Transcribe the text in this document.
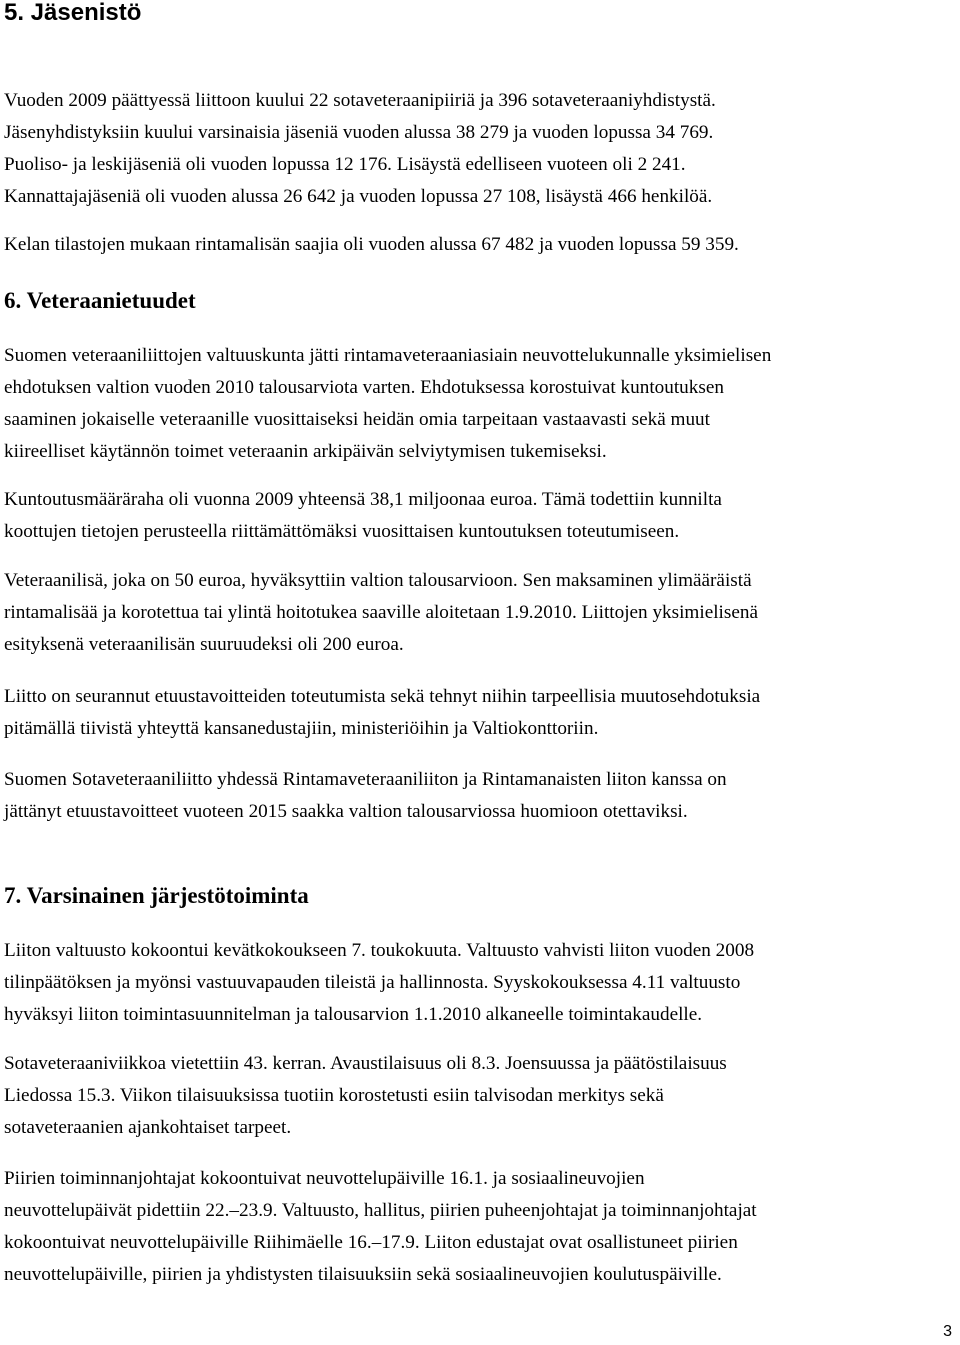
5. Jäsenistö

Vuoden 2009 päättyessä liittoon kuului 22 sotaveteraanipiiriä ja 396 sotaveteraaniyhdistystä.
Jäsenyhdistyksiin kuului varsinaisia jäseniä vuoden alussa 38 279 ja vuoden lopussa 34 769.
Puoliso- ja leskijäseniä oli vuoden lopussa 12 176. Lisäystä edelliseen vuoteen oli 2 241.
Kannattajajäseniä oli vuoden alussa 26 642 ja vuoden lopussa 27 108, lisäystä 466 henkilöä.

Kelan tilastojen mukaan rintamalisän saajia oli vuoden alussa 67 482 ja vuoden lopussa 59 359.

6. Veteraanietuudet

Suomen veteraaniliittojen valtuuskunta jätti rintamaveteraaniasiain neuvottelukunnalle yksimielisen
ehdotuksen valtion vuoden 2010 talousarviota varten. Ehdotuksessa korostuivat kuntoutuksen
saaminen jokaiselle veteraanille vuosittaiseksi heidän omia tarpeitaan vastaavasti sekä muut
kiireelliset käytännön toimet veteraanin arkipäivän selviytymisen tukemiseksi.

Kuntoutusmääräraha oli vuonna 2009 yhteensä 38,1 miljoonaa euroa. Tämä todettiin kunnilta
koottujen tietojen perusteella riittämättömäksi vuosittaisen kuntoutuksen toteutumiseen.

Veteraanilisä, joka on 50 euroa, hyväksyttiin valtion talousarvioon. Sen maksaminen ylimääräistä
rintamalisää ja korotettua tai ylintä hoitotukea saaville aloitetaan 1.9.2010. Liittojen yksimielisenä
esityksenä veteraanilisän suuruudeksi oli 200 euroa.

Liitto on seurannut etuustavoitteiden toteutumista sekä tehnyt niihin tarpeellisia muutosehdotuksia
pitämällä tiivistä yhteyttä kansanedustajiin, ministeriöihin ja Valtiokonttoriin.

Suomen Sotaveteraaniliitto yhdessä Rintamaveteraaniliiton ja Rintamanaisten liiton kanssa on
jättänyt etuustavoitteet vuoteen 2015 saakka valtion talousarviossa huomioon otettaviksi.

7. Varsinainen järjestötoiminta

Liiton valtuusto kokoontui kevätkokoukseen 7. toukokuuta. Valtuusto vahvisti liiton vuoden 2008
tilinpäätöksen ja myönsi vastuuvapauden tileistä ja hallinnosta. Syyskokouksessa 4.11 valtuusto
hyväksyi liiton toimintasuunnitelman ja talousarvion 1.1.2010 alkaneelle toimintakaudelle.

Sotaveteraaniviikkoa vietettiin 43. kerran. Avaustilaisuus oli 8.3. Joensuussa ja päätöstilaisuus
Liedossa 15.3. Viikon tilaisuuksissa tuotiin korostetusti esiin talvisodan merkitys sekä
sotaveteraanien ajankohtaiset tarpeet.

Piirien toiminnanjohtajat kokoontuivat neuvottelupäiville 16.1. ja sosiaalineuvojien
neuvottelupäivät pidettiin 22.–23.9. Valtuusto, hallitus, piirien puheenjohtajat ja toiminnanjohtajat
kokoontuivat neuvottelupäiville Riihimäelle 16.–17.9. Liiton edustajat ovat osallistuneet piirien
neuvottelupäiville, piirien ja yhdistysten tilaisuuksiin sekä sosiaalineuvojien koulutuspäiville.

3
